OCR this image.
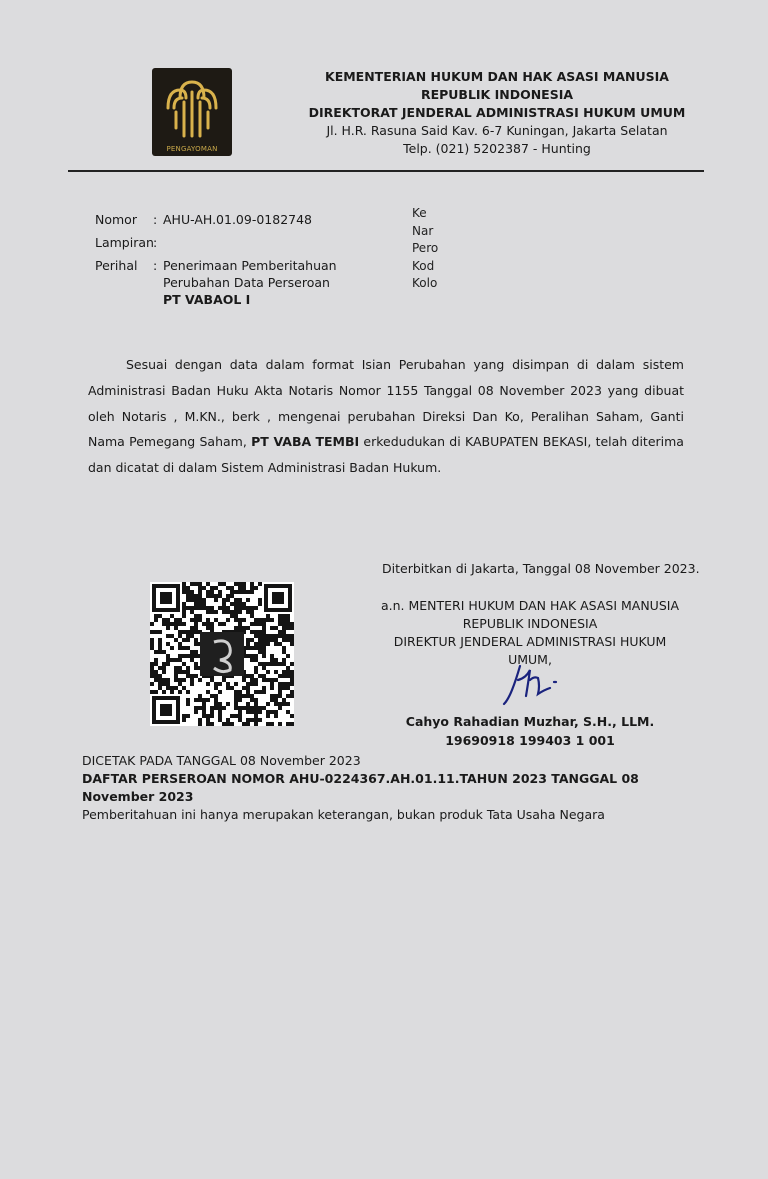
PENGAYOMAN
KEMENTERIAN HUKUM DAN HAK ASASI MANUSIA
REPUBLIK INDONESIA
DIREKTORAT JENDERAL ADMINISTRASI HUKUM UMUM
Jl. H.R. Rasuna Said Kav. 6-7 Kuningan, Jakarta Selatan
Telp. (021) 5202387 - Hunting
Nomor	: AHU-AH.01.09-0182748
Lampiran :
Perihal	: Penerimaan Pemberitahuan
Perubahan Data Perseroan
PT VABAOL I
Ke
Nar
Pero
Kod
Kolo
Sesuai dengan data dalam format Isian Perubahan yang disimpan di dalam sistem Administrasi Badan Huku Akta Notaris Nomor 1155 Tanggal 08 November 2023 yang dibuat oleh Notaris , M.KN., berk , mengenai perubahan Direksi Dan Ko, Peralihan Saham, Ganti Nama Pemegang Saham, PT VABA TEMBI erkedudukan di KABUPATEN BEKASI, telah diterima dan dicatat di dalam Sistem Administrasi Badan Hukum.
Diterbitkan di Jakarta, Tanggal 08 November 2023.
a.n. MENTERI HUKUM DAN HAK ASASI MANUSIA
REPUBLIK INDONESIA
DIREKTUR JENDERAL ADMINISTRASI HUKUM UMUM,
Cahyo Rahadian Muzhar, S.H., LLM.
19690918 199403 1 001
DICETAK PADA TANGGAL 08 November 2023
DAFTAR PERSEROAN NOMOR AHU-0224367.AH.01.11.TAHUN 2023 TANGGAL 08 November 2023
Pemberitahuan ini hanya merupakan keterangan, bukan produk Tata Usaha Negara
